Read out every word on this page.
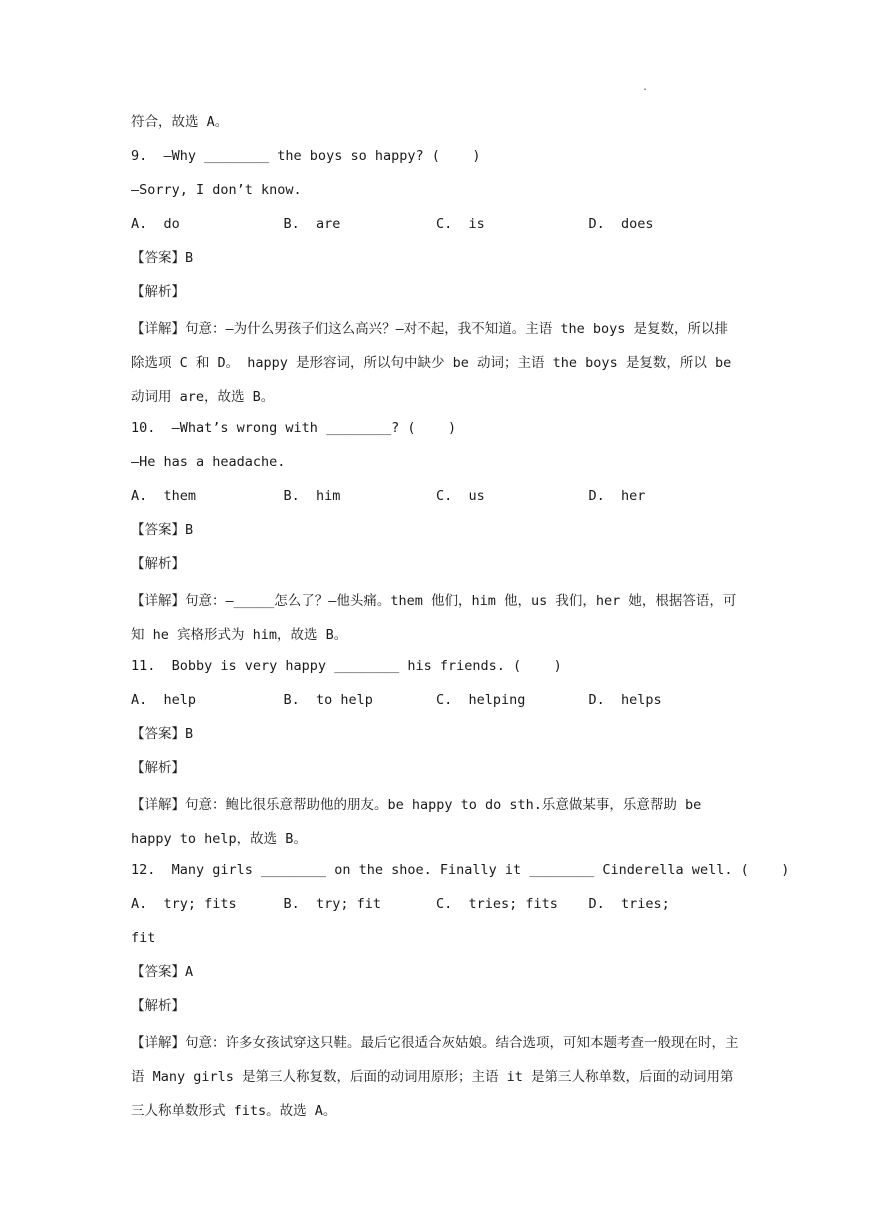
.
符合，故选 A。
9.  —Why ________ the boys so happy? (    )
—Sorry, I don’t know.
A.  do	B.  are	C.  is	D.  does
【答案】B
【解析】
【详解】句意：—为什么男孩子们这么高兴？—对不起，我不知道。主语 the boys 是复数，所以排除选项 C 和 D。 happy 是形容词，所以句中缺少 be 动词；主语 the boys 是复数，所以 be 动词用 are，故选 B。
10.  —What’s wrong with ________? (    )
—He has a headache.
A.  them	B.  him	C.  us	D.  her
【答案】B
【解析】
【详解】句意：—_____怎么了？—他头痛。them 他们，him 他，us 我们，her 她，根据答语，可知 he 宾格形式为 him，故选 B。
11.  Bobby is very happy ________ his friends. (    )
A.  help	B.  to help	C.  helping	D.  helps
【答案】B
【解析】
【详解】句意：鲍比很乐意帮助他的朋友。be happy to do sth.乐意做某事，乐意帮助 be happy to help，故选 B。
12.  Many girls ________ on the shoe. Finally it ________ Cinderella well. (    )
A.  try; fits	B.  try; fit	C.  tries; fits	D.  tries;
fit
【答案】A
【解析】
【详解】句意：许多女孩试穿这只鞋。最后它很适合灰姑娘。结合选项，可知本题考查一般现在时，主语 Many girls 是第三人称复数，后面的动词用原形；主语 it 是第三人称单数，后面的动词用第三人称单数形式 fits。故选 A。
